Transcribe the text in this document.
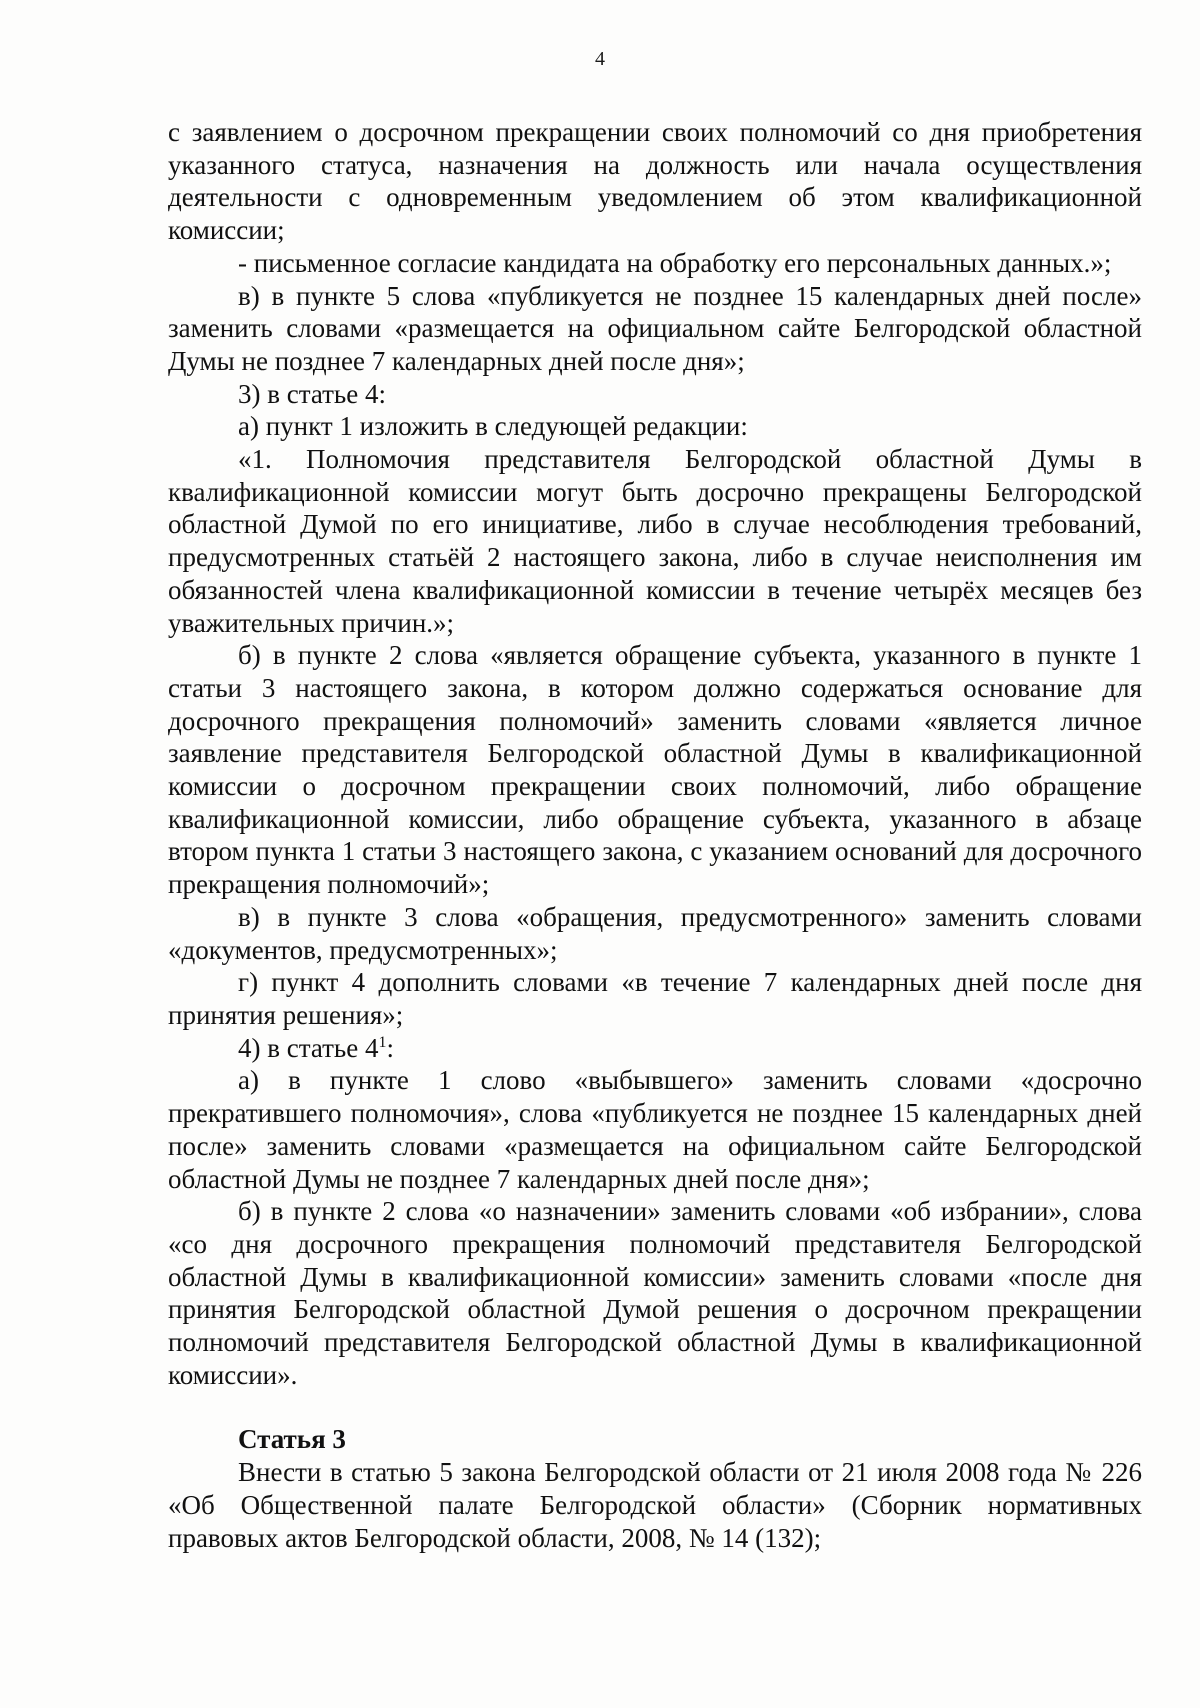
4

с заявлением о досрочном прекращении своих полномочий со дня приобретения указанного статуса, назначения на должность или начала осуществления деятельности с одновременным уведомлением об этом квалификационной комиссии;

- письменное согласие кандидата на обработку его персональных данных.»;

в) в пункте 5 слова «публикуется не позднее 15 календарных дней после» заменить словами «размещается на официальном сайте Белгородской областной Думы не позднее 7 календарных дней после дня»;

3) в статье 4:

а) пункт 1 изложить в следующей редакции:

«1. Полномочия представителя Белгородской областной Думы в квалификационной комиссии могут быть досрочно прекращены Белгородской областной Думой по его инициативе, либо в случае несоблюдения требований, предусмотренных статьёй 2 настоящего закона, либо в случае неисполнения им обязанностей члена квалификационной комиссии в течение четырёх месяцев без уважительных причин.»;

б) в пункте 2 слова «является обращение субъекта, указанного в пункте 1 статьи 3 настоящего закона, в котором должно содержаться основание для досрочного прекращения полномочий» заменить словами «является личное заявление представителя Белгородской областной Думы в квалификационной комиссии о досрочном прекращении своих полномочий, либо обращение квалификационной комиссии, либо обращение субъекта, указанного в абзаце втором пункта 1 статьи 3 настоящего закона, с указанием оснований для досрочного прекращения полномочий»;

в) в пункте 3 слова «обращения, предусмотренного» заменить словами «документов, предусмотренных»;

г) пункт 4 дополнить словами «в течение 7 календарных дней после дня принятия решения»;

4) в статье $4^1$:

а) в пункте 1 слово «выбывшего» заменить словами «досрочно прекратившего полномочия», слова «публикуется не позднее 15 календарных дней после» заменить словами «размещается на официальном сайте Белгородской областной Думы не позднее 7 календарных дней после дня»;

б) в пункте 2 слова «о назначении» заменить словами «об избрании», слова «со дня досрочного прекращения полномочий представителя Белгородской областной Думы в квалификационной комиссии» заменить словами «после дня принятия Белгородской областной Думой решения о досрочном прекращении полномочий представителя Белгородской областной Думы в квалификационной комиссии».

Статья 3

Внести в статью 5 закона Белгородской области от 21 июля 2008 года № 226 «Об Общественной палате Белгородской области» (Сборник нормативных правовых актов Белгородской области, 2008, № 14 (132);
